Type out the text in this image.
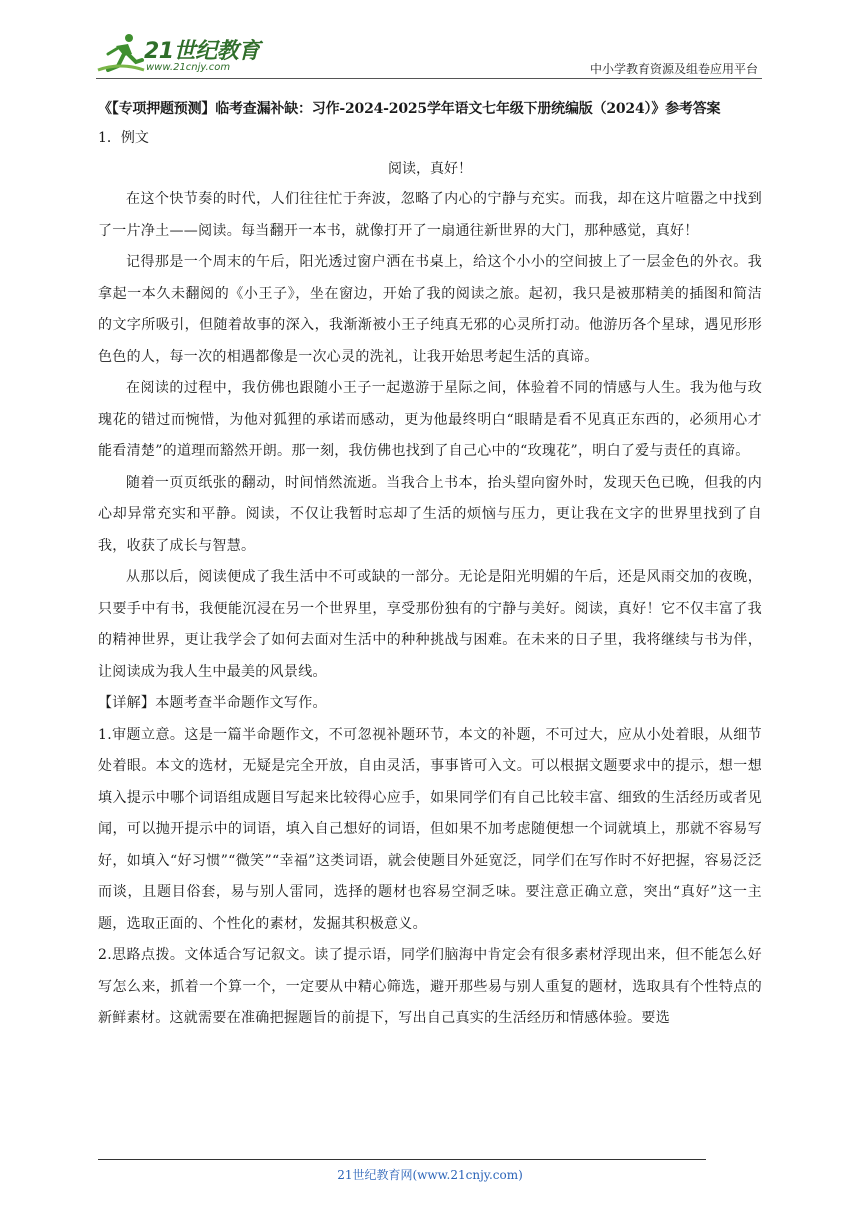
21世纪教育
www.21cnjy.com	中小学教育资源及组卷应用平台

《【专项押题预测】临考查漏补缺：习作-2024-2025学年语文七年级下册统编版（2024）》参考答案

1．例文

阅读，真好！

在这个快节奏的时代，人们往往忙于奔波，忽略了内心的宁静与充实。而我，却在这片喧嚣之中找到了一片净土——阅读。每当翻开一本书，就像打开了一扇通往新世界的大门，那种感觉，真好！

记得那是一个周末的午后，阳光透过窗户洒在书桌上，给这个小小的空间披上了一层金色的外衣。我拿起一本久未翻阅的《小王子》，坐在窗边，开始了我的阅读之旅。起初，我只是被那精美的插图和简洁的文字所吸引，但随着故事的深入，我渐渐被小王子纯真无邪的心灵所打动。他游历各个星球，遇见形形色色的人，每一次的相遇都像是一次心灵的洗礼，让我开始思考起生活的真谛。

在阅读的过程中，我仿佛也跟随小王子一起遨游于星际之间，体验着不同的情感与人生。我为他与玫瑰花的错过而惋惜，为他对狐狸的承诺而感动，更为他最终明白“眼睛是看不见真正东西的，必须用心才能看清楚”的道理而豁然开朗。那一刻，我仿佛也找到了自己心中的“玫瑰花”，明白了爱与责任的真谛。

随着一页页纸张的翻动，时间悄然流逝。当我合上书本，抬头望向窗外时，发现天色已晚，但我的内心却异常充实和平静。阅读，不仅让我暂时忘却了生活的烦恼与压力，更让我在文字的世界里找到了自我，收获了成长与智慧。

从那以后，阅读便成了我生活中不可或缺的一部分。无论是阳光明媚的午后，还是风雨交加的夜晚，只要手中有书，我便能沉浸在另一个世界里，享受那份独有的宁静与美好。阅读，真好！它不仅丰富了我的精神世界，更让我学会了如何去面对生活中的种种挑战与困难。在未来的日子里，我将继续与书为伴，让阅读成为我人生中最美的风景线。

【详解】本题考查半命题作文写作。

1.审题立意。这是一篇半命题作文，不可忽视补题环节，本文的补题，不可过大，应从小处着眼，从细节处着眼。本文的选材，无疑是完全开放，自由灵活，事事皆可入文。可以根据文题要求中的提示，想一想填入提示中哪个词语组成题目写起来比较得心应手，如果同学们有自己比较丰富、细致的生活经历或者见闻，可以抛开提示中的词语，填入自己想好的词语，但如果不加考虑随便想一个词就填上，那就不容易写好，如填入“好习惯”“微笑”“幸福”这类词语，就会使题目外延宽泛，同学们在写作时不好把握，容易泛泛而谈，且题目俗套，易与别人雷同，选择的题材也容易空洞乏味。要注意正确立意，突出“真好”这一主题，选取正面的、个性化的素材，发掘其积极意义。

2.思路点拨。文体适合写记叙文。读了提示语，同学们脑海中肯定会有很多素材浮现出来，但不能怎么好写怎么来，抓着一个算一个，一定要从中精心筛选，避开那些易与别人重复的题材，选取具有个性特点的新鲜素材。这就需要在准确把握题旨的前提下，写出自己真实的生活经历和情感体验。要选

21世纪教育网(www.21cnjy.com)
